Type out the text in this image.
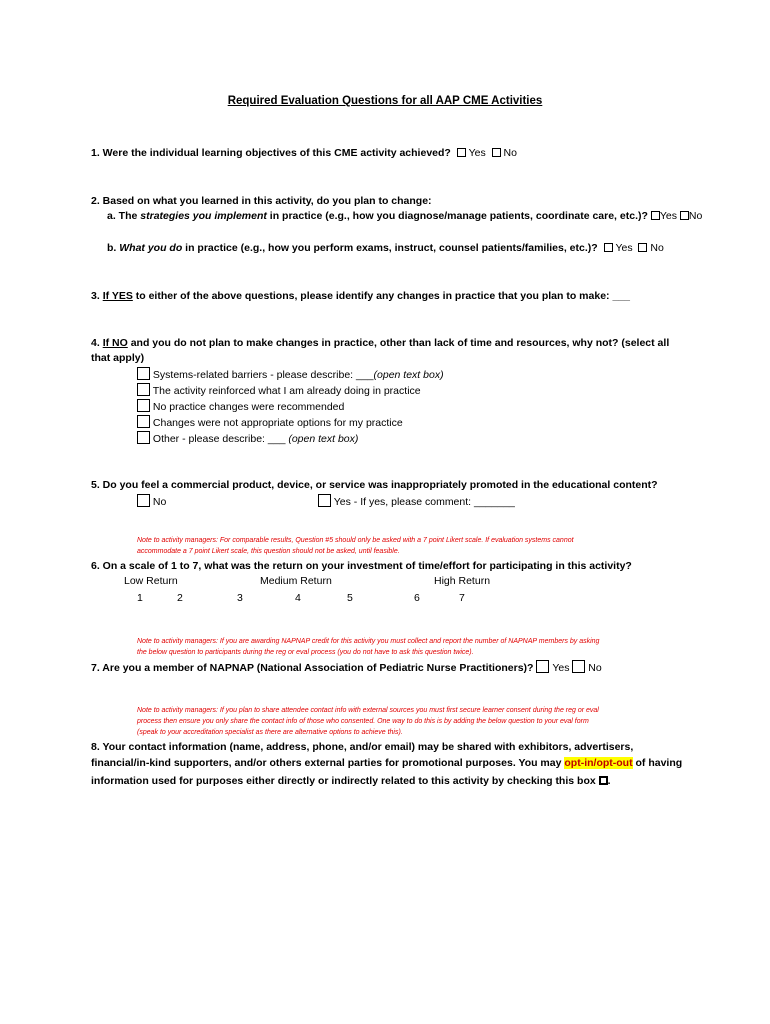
Required Evaluation Questions for all AAP CME Activities
1. Were the individual learning objectives of this CME activity achieved? Yes No
2. Based on what you learned in this activity, do you plan to change:
a. The strategies you implement in practice (e.g., how you diagnose/manage patients, coordinate care, etc.)? Yes No
b. What you do in practice (e.g., how you perform exams, instruct, counsel patients/families, etc.)? Yes No
3. If YES to either of the above questions, please identify any changes in practice that you plan to make: ___
4. If NO and you do not plan to make changes in practice, other than lack of time and resources, why not? (select all
that apply)
Systems-related barriers - please describe: ___(open text box)
The activity reinforced what I am already doing in practice
No practice changes were recommended
Changes were not appropriate options for my practice
Other - please describe: ___ (open text box)
5. Do you feel a commercial product, device, or service was inappropriately promoted in the educational content?
No	Yes - If yes, please comment: _______
Note to activity managers: For comparable results, Question #5 should only be asked with a 7 point Likert scale. If evaluation systems cannot
accommodate a 7 point Likert scale, this question should not be asked, until feasible.
6. On a scale of 1 to 7, what was the return on your investment of time/effort for participating in this activity?
Low Return	Medium Return	High Return
1	2	3	4	5	6	7
Note to activity managers: If you are awarding NAPNAP credit for this activity you must collect and report the number of NAPNAP members by asking
the below question to participants during the reg or eval process (you do not have to ask this question twice).
7. Are you a member of NAPNAP (National Association of Pediatric Nurse Practitioners)? Yes No
Note to activity managers: If you plan to share attendee contact info with external sources you must first secure learner consent during the reg or eval
process then ensure you only share the contact info of those who consented. One way to do this is by adding the below question to your eval form
(speak to your accreditation specialist as there are alternative options to achieve this).
8. Your contact information (name, address, phone, and/or email) may be shared with exhibitors, advertisers,
financial/in-kind supporters, and/or others external parties for promotional purposes. You may opt-in/opt-out of having
information used for purposes either directly or indirectly related to this activity by checking this box .
